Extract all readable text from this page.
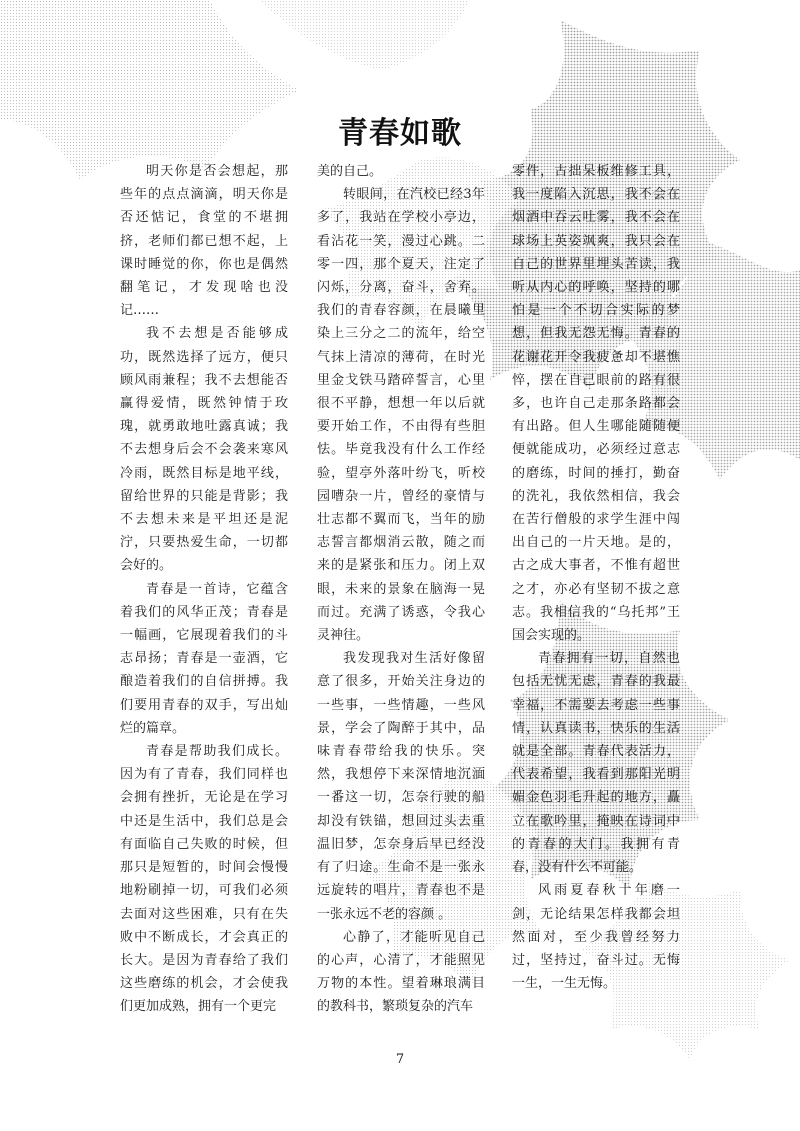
青春如歌

明天你是否会想起，那些年的点点滴滴，明天你是否还惦记，食堂的不堪拥挤，老师们都已想不起，上课时睡觉的你，你也是偶然翻笔记，才发现啥也没记……

我不去想是否能够成功，既然选择了远方，便只顾风雨兼程；我不去想能否赢得爱情，既然钟情于玫瑰，就勇敢地吐露真诚；我不去想身后会不会袭来寒风冷雨，既然目标是地平线，留给世界的只能是背影；我不去想未来是平坦还是泥泞，只要热爱生命，一切都会好的。

青春是一首诗，它蕴含着我们的风华正茂；青春是一幅画，它展现着我们的斗志昂扬；青春是一壶酒，它酿造着我们的自信拼搏。我们要用青春的双手，写出灿烂的篇章。

青春是帮助我们成长。因为有了青春，我们同样也会拥有挫折，无论是在学习中还是生活中，我们总是会有面临自己失败的时候，但那只是短暂的，时间会慢慢地粉刷掉一切，可我们必须去面对这些困难，只有在失败中不断成长，才会真正的长大。是因为青春给了我们这些磨练的机会，才会使我们更加成熟，拥有一个更完

美的自己。

转眼间，在汽校已经3年多了，我站在学校小亭边，看沾花一笑，漫过心跳。二零一四，那个夏天，注定了闪烁，分离，奋斗，舍弃。我们的青春容颜，在晨曦里染上三分之二的流年，给空气抹上清凉的薄荷，在时光里金戈铁马踏碎誓言，心里很不平静，想想一年以后就要开始工作，不由得有些胆怯。毕竟我没有什么工作经验，望亭外落叶纷飞，听校园嘈杂一片，曾经的豪情与壮志都不翼而飞，当年的励志誓言都烟消云散，随之而来的是紧张和压力。闭上双眼，未来的景象在脑海一晃而过。充满了诱惑，令我心灵神往。

我发现我对生活好像留意了很多，开始关注身边的一些事，一些情趣，一些风景，学会了陶醉于其中，品味青春带给我的快乐。突然，我想停下来深情地沉湎一番这一切，怎奈行驶的船却没有铁锚，想回过头去重温旧梦，怎奈身后早已经没有了归途。生命不是一张永远旋转的唱片，青春也不是一张永远不老的容颜 。

心静了，才能听见自己的心声，心清了，才能照见万物的本性。望着琳琅满目的教科书，繁琐复杂的汽车

零件，古拙呆板维修工具，我一度陷入沉思，我不会在烟酒中吞云吐雾，我不会在球场上英姿飒爽，我只会在自己的世界里埋头苦读，我听从内心的呼唤，坚持的哪怕是一个不切合实际的梦想，但我无怨无悔。青春的花谢花开令我疲惫却不堪憔悴，摆在自己眼前的路有很多，也许自己走那条路都会有出路。但人生哪能随随便便就能成功，必须经过意志的磨练，时间的捶打，勤奋的洗礼，我依然相信，我会在苦行僧般的求学生涯中闯出自己的一片天地。是的，古之成大事者，不惟有超世之才，亦必有坚韧不拔之意志。我相信我的“乌托邦”王国会实现的。

青春拥有一切，自然也包括无忧无虑，青春的我最幸福，不需要去考虑一些事情，认真读书，快乐的生活就是全部。青春代表活力，代表希望，我看到那阳光明媚金色羽毛升起的地方，矗立在歌吟里，掩映在诗词中的青春的大门。我拥有青春，没有什么不可能。

风雨夏春秋十年磨一剑，无论结果怎样我都会坦然面对，至少我曾经努力过，坚持过，奋斗过。无悔一生，一生无悔。

7
